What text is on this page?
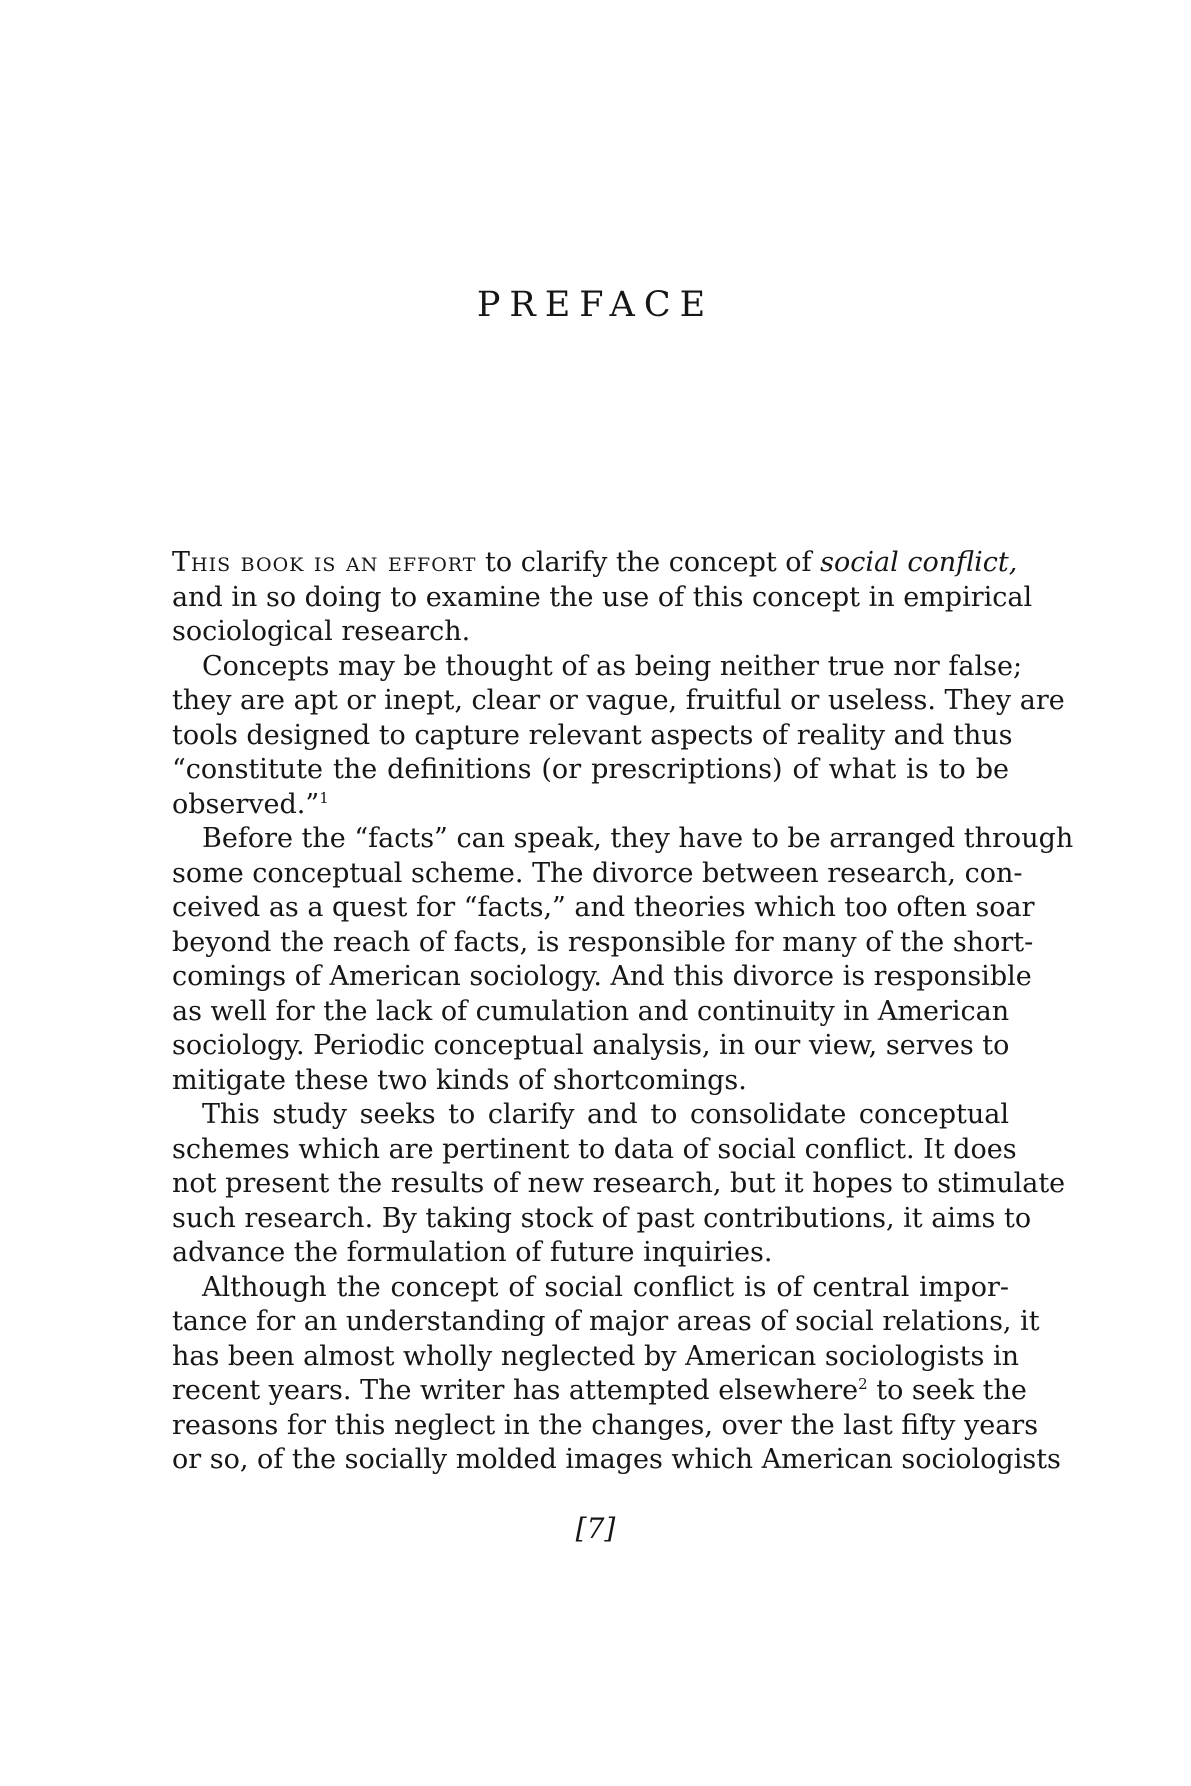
PREFACE
This book is an effort to clarify the concept of social conflict,
and in so doing to examine the use of this concept in empirical
sociological research.
Concepts may be thought of as being neither true nor false;
they are apt or inept, clear or vague, fruitful or useless. They are
tools designed to capture relevant aspects of reality and thus
“constitute the definitions (or prescriptions) of what is to be
observed.”$^1$
Before the “facts” can speak, they have to be arranged through
some conceptual scheme. The divorce between research, con-
ceived as a quest for “facts,” and theories which too often soar
beyond the reach of facts, is responsible for many of the short-
comings of American sociology. And this divorce is responsible
as well for the lack of cumulation and continuity in American
sociology. Periodic conceptual analysis, in our view, serves to
mitigate these two kinds of shortcomings.
This study seeks to clarify and to consolidate conceptual
schemes which are pertinent to data of social conflict. It does
not present the results of new research, but it hopes to stimulate
such research. By taking stock of past contributions, it aims to
advance the formulation of future inquiries.
Although the concept of social conflict is of central impor-
tance for an understanding of major areas of social relations, it
has been almost wholly neglected by American sociologists in
recent years. The writer has attempted elsewhere$^2$ to seek the
reasons for this neglect in the changes, over the last fifty years
or so, of the socially molded images which American sociologists
[7]
